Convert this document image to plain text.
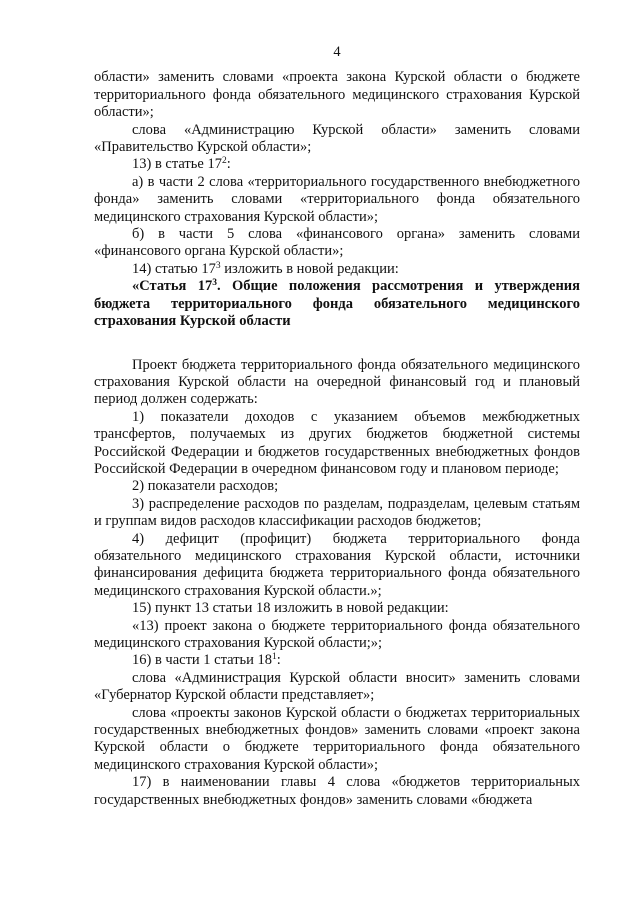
4

области» заменить словами «проекта закона Курской области о бюджете территориального фонда обязательного медицинского страхования Курской области»;

слова «Администрацию Курской области» заменить словами «Правительство Курской области»;

13) в статье $17^2$:

а) в части 2 слова «территориального государственного внебюджетного фонда» заменить словами «территориального фонда обязательного медицинского страхования Курской области»;

б) в части 5 слова «финансового органа» заменить словами «финансового органа Курской области»;

14) статью $17^3$ изложить в новой редакции:

«Статья $17^3$. Общие положения рассмотрения и утверждения бюджета территориального фонда обязательного медицинского страхования Курской области

Проект бюджета территориального фонда обязательного медицинского страхования Курской области на очередной финансовый год и плановый период должен содержать:

1) показатели доходов с указанием объемов межбюджетных трансфертов, получаемых из других бюджетов бюджетной системы Российской Федерации и бюджетов государственных внебюджетных фондов Российской Федерации в очередном финансовом году и плановом периоде;

2) показатели расходов;

3) распределение расходов по разделам, подразделам, целевым статьям и группам видов расходов классификации расходов бюджетов;

4) дефицит (профицит) бюджета территориального фонда обязательного медицинского страхования Курской области, источники финансирования дефицита бюджета территориального фонда обязательного медицинского страхования Курской области.»;

15) пункт 13 статьи 18 изложить в новой редакции:

«13) проект закона о бюджете территориального фонда обязательного медицинского страхования Курской области;»;

16) в части 1 статьи $18^1$:

слова «Администрация Курской области вносит» заменить словами «Губернатор Курской области представляет»;

слова «проекты законов Курской области о бюджетах территориальных государственных внебюджетных фондов» заменить словами «проект закона Курской области о бюджете территориального фонда обязательного медицинского страхования Курской области»;

17) в наименовании главы 4 слова «бюджетов территориальных государственных внебюджетных фондов» заменить словами «бюджета
